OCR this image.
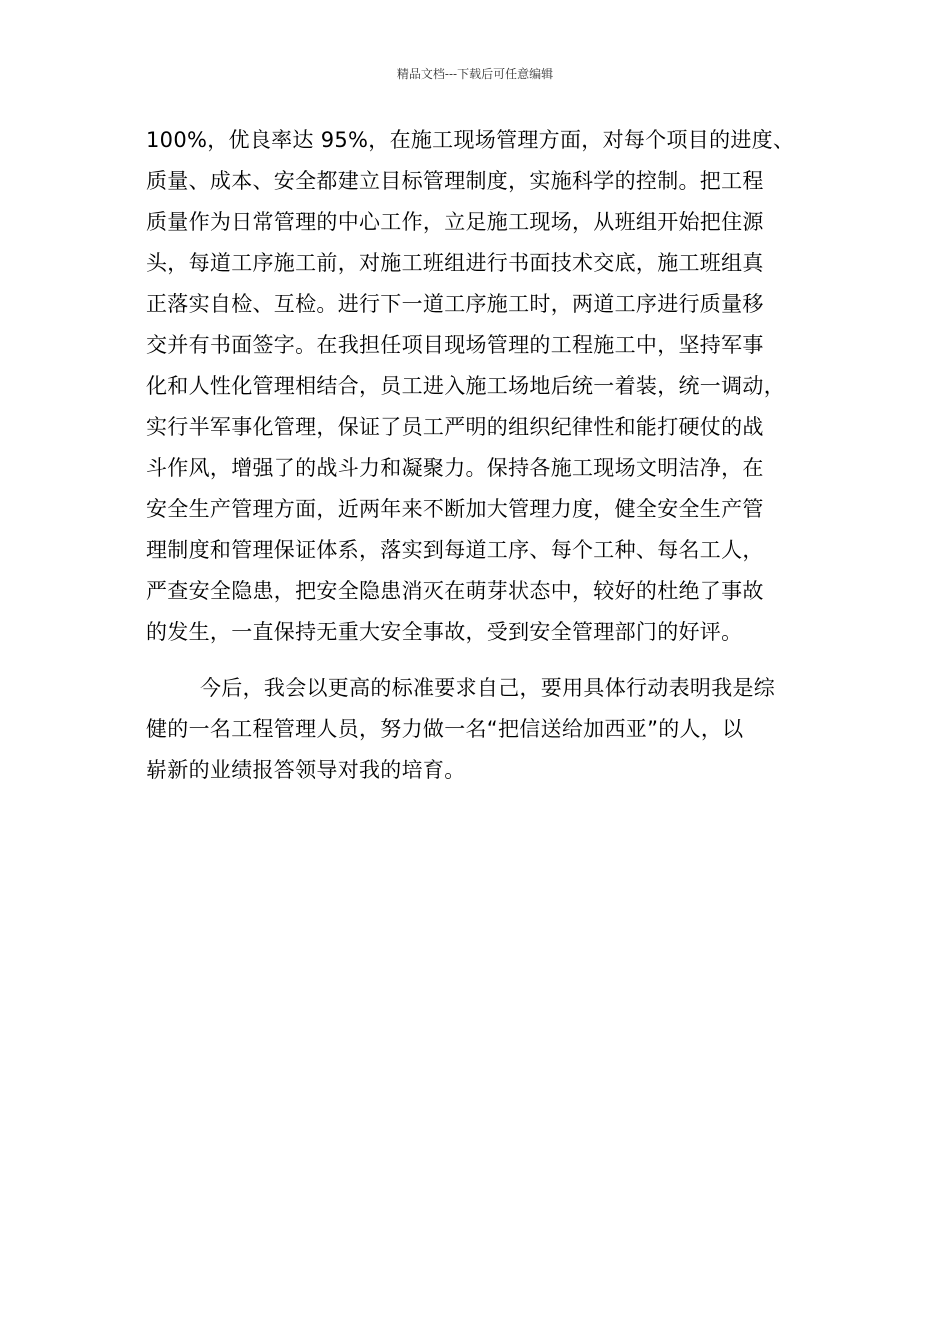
精品文档---下载后可任意编辑
100%，优良率达 95%，在施工现场管理方面，对每个项目的进度、
质量、成本、安全都建立目标管理制度，实施科学的控制。把工程
质量作为日常管理的中心工作，立足施工现场，从班组开始把住源
头，每道工序施工前，对施工班组进行书面技术交底，施工班组真
正落实自检、互检。进行下一道工序施工时，两道工序进行质量移
交并有书面签字。在我担任项目现场管理的工程施工中，坚持军事
化和人性化管理相结合，员工进入施工场地后统一着装，统一调动，
实行半军事化管理，保证了员工严明的组织纪律性和能打硬仗的战
斗作风，增强了的战斗力和凝聚力。保持各施工现场文明洁净，在
安全生产管理方面，近两年来不断加大管理力度，健全安全生产管
理制度和管理保证体系，落实到每道工序、每个工种、每名工人，
严查安全隐患，把安全隐患消灭在萌芽状态中，较好的杜绝了事故
的发生，一直保持无重大安全事故，受到安全管理部门的好评。
今后，我会以更高的标准要求自己，要用具体行动表明我是综
健的一名工程管理人员，努力做一名“把信送给加西亚”的人，以
崭新的业绩报答领导对我的培育。
